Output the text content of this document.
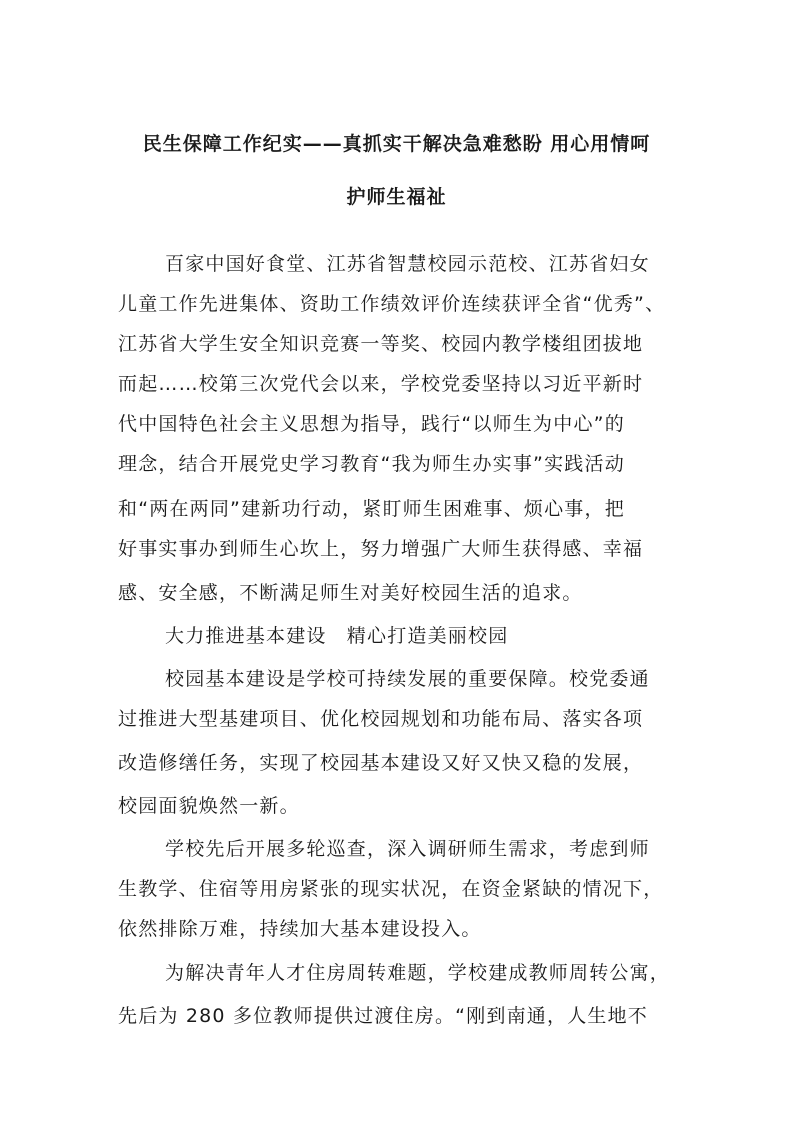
民生保障工作纪实——真抓实干解决急难愁盼 用心用情呵
护师生福祉
百家中国好食堂、江苏省智慧校园示范校、江苏省妇女
儿童工作先进集体、资助工作绩效评价连续获评全省“优秀”、
江苏省大学生安全知识竞赛一等奖、校园内教学楼组团拔地
而起……校第三次党代会以来，学校党委坚持以习近平新时
代中国特色社会主义思想为指导，践行“以师生为中心”的
理念，结合开展党史学习教育“我为师生办实事”实践活动
和“两在两同”建新功行动，紧盯师生困难事、烦心事，把
好事实事办到师生心坎上，努力增强广大师生获得感、幸福
感、安全感，不断满足师生对美好校园生活的追求。
大力推进基本建设　精心打造美丽校园
校园基本建设是学校可持续发展的重要保障。校党委通
过推进大型基建项目、优化校园规划和功能布局、落实各项
改造修缮任务，实现了校园基本建设又好又快又稳的发展，
校园面貌焕然一新。
学校先后开展多轮巡查，深入调研师生需求，考虑到师
生教学、住宿等用房紧张的现实状况，在资金紧缺的情况下，
依然排除万难，持续加大基本建设投入。
为解决青年人才住房周转难题，学校建成教师周转公寓，
先后为 280 多位教师提供过渡住房。“刚到南通，人生地不
